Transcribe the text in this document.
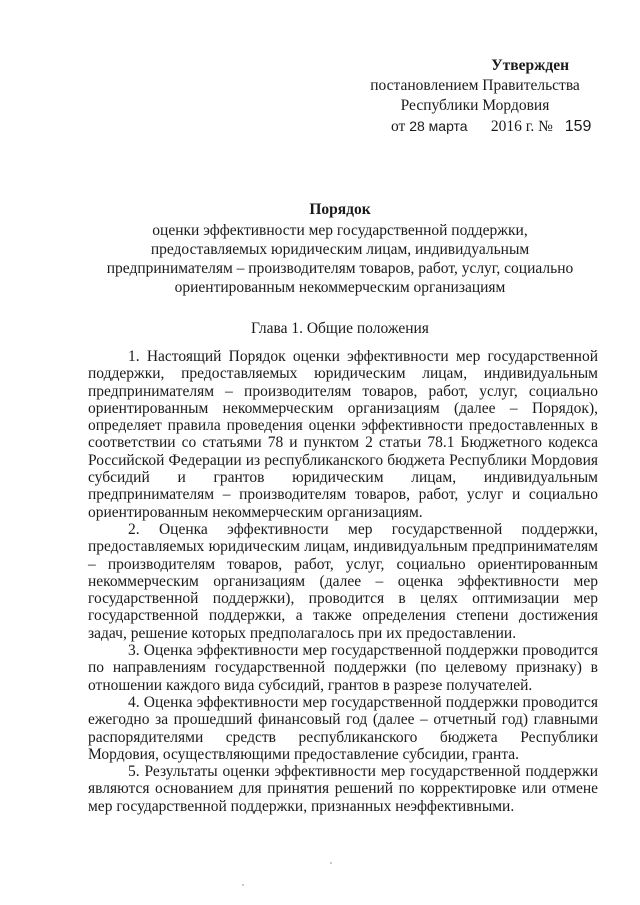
Утвержден
постановлением Правительства
Республики Мордовия
от 28 марта 2016 г. № 159
Порядок
оценки эффективности мер государственной поддержки,
предоставляемых юридическим лицам, индивидуальным
предпринимателям – производителям товаров, работ, услуг, социально
ориентированным некоммерческим организациям
Глава 1. Общие положения

1. Настоящий Порядок оценки эффективности мер государственной поддержки, предоставляемых юридическим лицам, индивидуальным предпринимателям – производителям товаров, работ, услуг, социально ориентированным некоммерческим организациям (далее – Порядок), определяет правила проведения оценки эффективности предоставленных в соответствии со статьями 78 и пунктом 2 статьи 78.1 Бюджетного кодекса Российской Федерации из республиканского бюджета Республики Мордовия субсидий и грантов юридическим лицам, индивидуальным предпринимателям – производителям товаров, работ, услуг и социально ориентированным некоммерческим организациям.

2. Оценка эффективности мер государственной поддержки, предоставляемых юридическим лицам, индивидуальным предпринимателям – производителям товаров, работ, услуг, социально ориентированным некоммерческим организациям (далее – оценка эффективности мер государственной поддержки), проводится в целях оптимизации мер государственной поддержки, а также определения степени достижения задач, решение которых предполагалось при их предоставлении.

3. Оценка эффективности мер государственной поддержки проводится по направлениям государственной поддержки (по целевому признаку) в отношении каждого вида субсидий, грантов в разрезе получателей.

4. Оценка эффективности мер государственной поддержки проводится ежегодно за прошедший финансовый год (далее – отчетный год) главными распорядителями средств республиканского бюджета Республики Мордовия, осуществляющими предоставление субсидии, гранта.

5. Результаты оценки эффективности мер государственной поддержки являются основанием для принятия решений по корректировке или отмене мер государственной поддержки, признанных неэффективными.
